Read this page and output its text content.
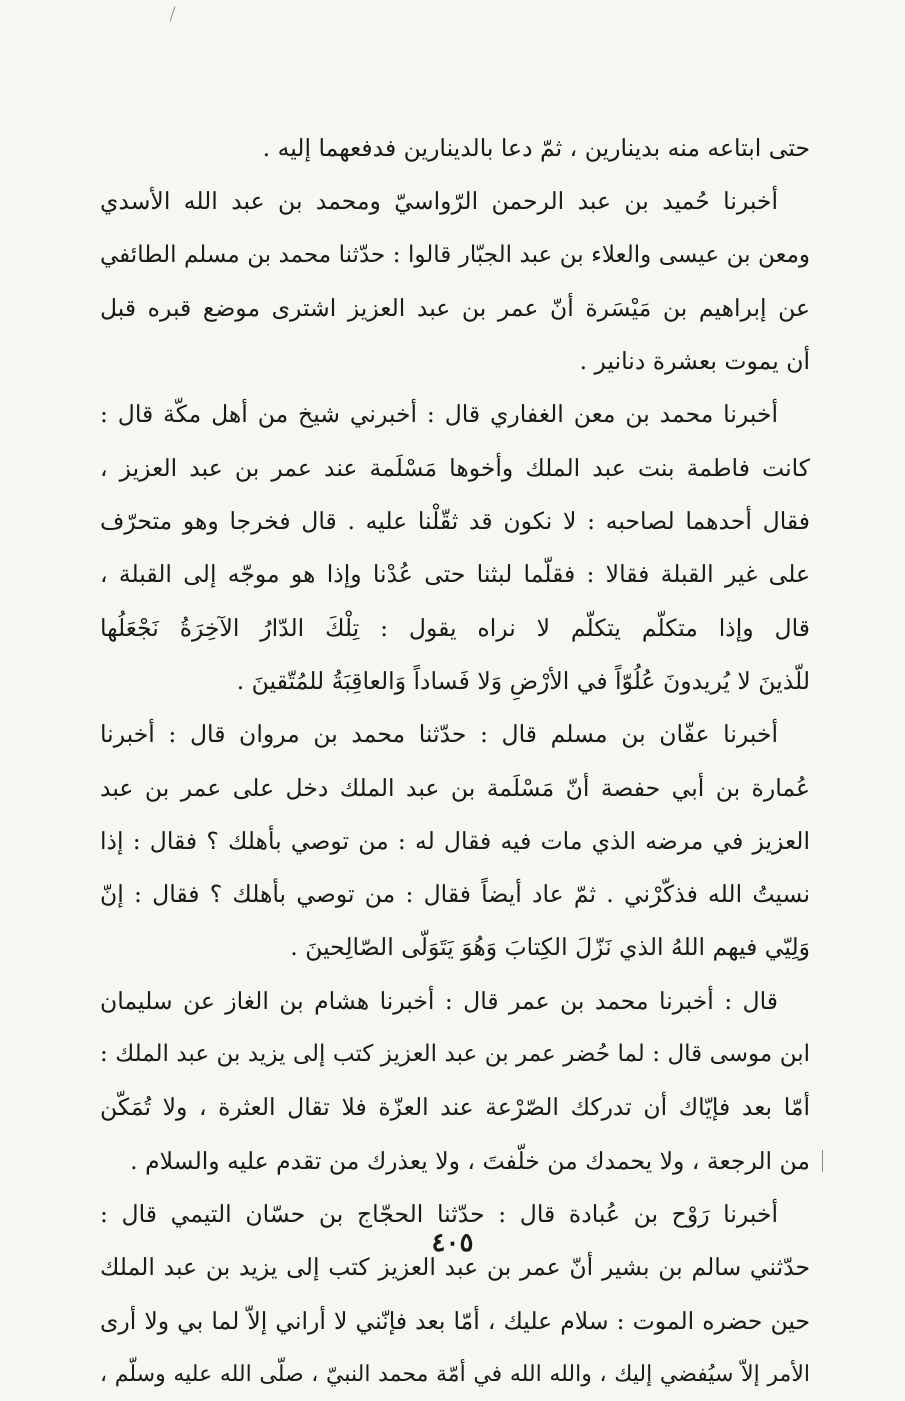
حتى ابتاعه منه بدينارين ، ثمّ دعا بالدينارين فدفعهما إليه .
أخبرنا حُميد بن عبد الرحمن الرّواسيّ ومحمد بن عبد الله الأسدي
ومعن بن عيسى والعلاء بن عبد الجبّار قالوا : حدّثنا محمد بن مسلم الطائفي
عن إبراهيم بن مَيْسَرة أنّ عمر بن عبد العزيز اشترى موضع قبره قبل
أن يموت بعشرة دنانير .
أخبرنا محمد بن معن الغفاري قال : أخبرني شيخ من أهل مكّة قال :
كانت فاطمة بنت عبد الملك وأخوها مَسْلَمة عند عمر بن عبد العزيز ،
فقال أحدهما لصاحبه : لا نكون قد ثقّلْنا عليه . قال فخرجا وهو متحرّف
على غير القبلة فقالا : فقلّما لبثنا حتى عُدْنا وإذا هو موجّه إلى القبلة ،
قال وإذا متكلّم يتكلّم لا نراه يقول : تِلْكَ الدّارُ الآخِرَةُ نَجْعَلُها
للّذينَ لا يُريدونَ عُلُوّاً في الأرْضِ وَلا فَساداً وَالعاقِبَةُ للمُتّقينَ .
أخبرنا عفّان بن مسلم قال : حدّثنا محمد بن مروان قال : أخبرنا
عُمارة بن أبي حفصة أنّ مَسْلَمة بن عبد الملك دخل على عمر بن عبد
العزيز في مرضه الذي مات فيه فقال له : من توصي بأهلك ؟ فقال : إذا
نسيتُ الله فذكّرْني . ثمّ عاد أيضاً فقال : من توصي بأهلك ؟ فقال : إنّ
وَلِيّي فيهم اللهُ الذي نَزّلَ الكِتابَ وَهُوَ يَتَوَلّى الصّالِحينَ .
قال : أخبرنا محمد بن عمر قال : أخبرنا هشام بن الغاز عن سليمان
ابن موسى قال : لما حُضر عمر بن عبد العزيز كتب إلى يزيد بن عبد الملك :
أمّا بعد فإيّاك أن تدركك الصّرْعة عند العزّة فلا تقال العثرة ، ولا تُمَكّن
من الرجعة ، ولا يحمدك من خلّفتَ ، ولا يعذرك من تقدم عليه والسلام .
أخبرنا رَوْح بن عُبادة قال : حدّثنا الحجّاج بن حسّان التيمي قال :
حدّثني سالم بن بشير أنّ عمر بن عبد العزيز كتب إلى يزيد بن عبد الملك
حين حضره الموت : سلام عليك ، أمّا بعد فإنّني لا أراني إلاّ لما بي ولا أرى
الأمر إلاّ سيُفضي إليك ، والله الله في أمّة محمد النبيّ ، صلّى الله عليه وسلّم ،
٤٠٥
